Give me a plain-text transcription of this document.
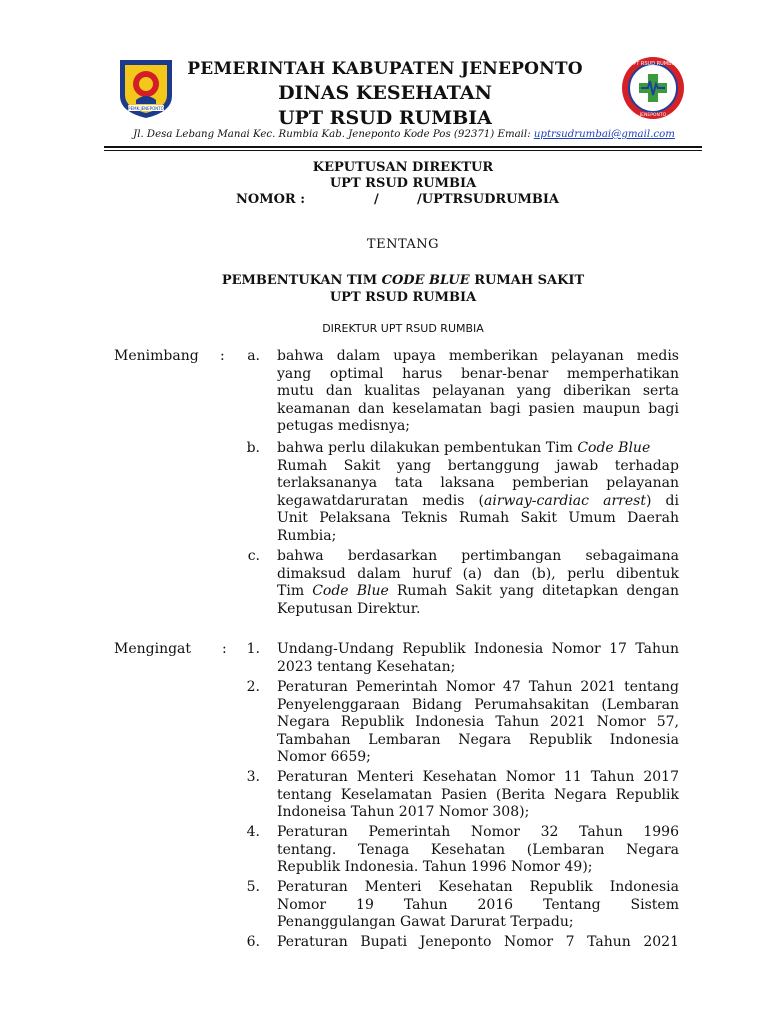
PEMK.JENEPONTO
UPT RSUD RUMBIA
JENEPONTO
PEMERINTAH KABUPATEN JENEPONTO
DINAS KESEHATAN
UPT RSUD RUMBIA
Jl. Desa Lebang Manai Kec. Rumbia Kab. Jeneponto Kode Pos (92371) Email: uptrsudrumbai@gmail.com
KEPUTUSAN DIREKTUR
UPT RSUD RUMBIA
NOMOR :	/	/UPTRSUDRUMBIA
TENTANG
PEMBENTUKAN TIM CODE BLUE RUMAH SAKIT
UPT RSUD RUMBIA
DIREKTUR UPT RSUD RUMBIA
Menimbang :	a. bahwa dalam upaya memberikan pelayanan medis
yang optimal harus benar-benar memperhatikan
mutu dan kualitas pelayanan yang diberikan serta
keamanan dan keselamatan bagi pasien maupun bagi
petugas medisnya;
b. bahwa perlu dilakukan pembentukan Tim Code Blue
Rumah Sakit yang bertanggung jawab terhadap
terlaksananya tata laksana pemberian pelayanan
kegawatdaruratan medis (airway-cardiac arrest) di
Unit Pelaksana Teknis Rumah Sakit Umum Daerah
Rumbia;
c. bahwa berdasarkan pertimbangan sebagaimana
dimaksud dalam huruf (a) dan (b), perlu dibentuk
Tim Code Blue Rumah Sakit yang ditetapkan dengan
Keputusan Direktur.
Mengingat :	1. Undang-Undang Republik Indonesia Nomor 17 Tahun
2023 tentang Kesehatan;
2. Peraturan Pemerintah Nomor 47 Tahun 2021 tentang
Penyelenggaraan Bidang Perumahsakitan (Lembaran
Negara Republik Indonesia Tahun 2021 Nomor 57,
Tambahan Lembaran Negara Republik Indonesia
Nomor 6659;
3. Peraturan Menteri Kesehatan Nomor 11 Tahun 2017
tentang Keselamatan Pasien (Berita Negara Republik
Indoneisa Tahun 2017 Nomor 308);
4. Peraturan Pemerintah Nomor 32 Tahun 1996
tentang. Tenaga Kesehatan (Lembaran Negara
Republik Indonesia. Tahun 1996 Nomor 49);
5. Peraturan Menteri Kesehatan Republik Indonesia
Nomor 19 Tahun 2016 Tentang Sistem
Penanggulangan Gawat Darurat Terpadu;
6. Peraturan Bupati Jeneponto Nomor 7 Tahun 2021
